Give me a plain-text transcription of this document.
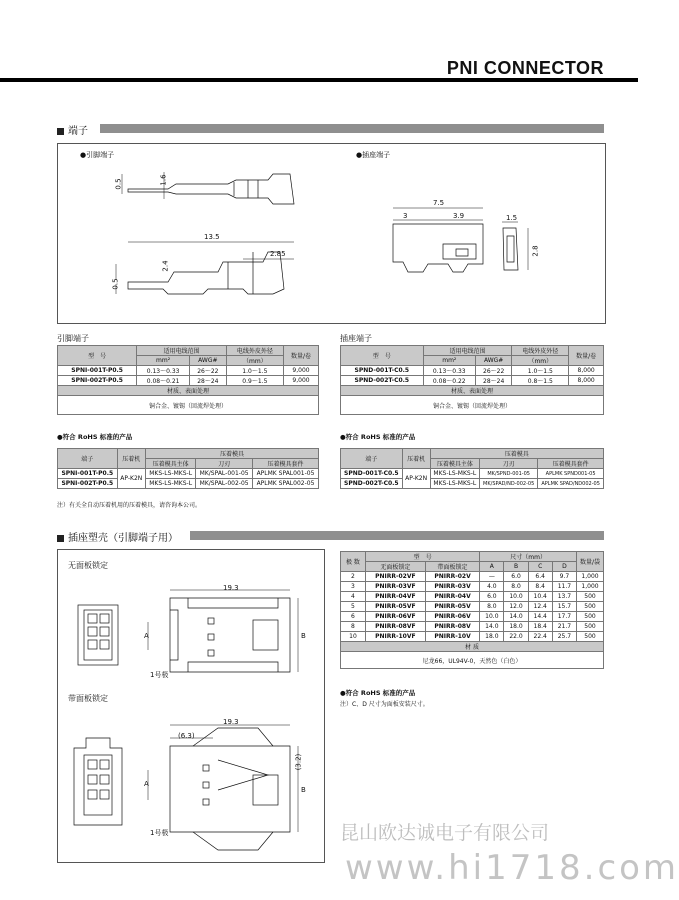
PNI CONNECTOR
端子
●引脚端子	●插座端子
0.5	1.6
13.5
2.4
0.5
2.85
7.5
3	3.9	1.5
2.8
引脚端子
型　号	适用电线范围		电线外皮外径	数量/卷
	mm²	AWG#	（mm）	
SPNI-001T-P0.5	0.13～0.33	26～22	1.0～1.5	9,000
SPNI-002T-P0.5	0.08～0.21	28～24	0.9～1.5	9,000
材质、表面处理				
铜合金、镀锡（回流焊处理）				
插座端子
型　号	适用电线范围		电线外皮外径	数量/卷
	mm²	AWG#	（mm）	
SPND-001T-C0.5	0.13～0.33	26～22	1.0～1.5	8,000
SPND-002T-C0.5	0.08～0.22	28～24	0.8～1.5	8,000
材质、表面处理				
铜合金、镀锡（回流焊处理）				
●符合 RoHS 标准的产品	●符合 RoHS 标准的产品
端子	压着机	压着模具		
		压着模具主体	刀刃	压着模具套件
SPNI-001T-P0.5	AP-K2N	MKS-LS-MKS-L	MK/SPAL-001-05	APLMK SPAL001-05
SPNI-002T-P0.5		MKS-LS-MKS-L	MK/SPAL-002-05	APLMK SPAL002-05
注）有关全自动压着机用的压着模具，请咨询本公司。
端子	压着机	压着模具		
		压着模具主体	刀刃	压着模具套件
SPND-001T-C0.5	AP-K2N	MKS-LS-MKS-L	MK/SPND-001-05	APLMK SPND001-05
SPND-002T-C0.5		MKS-LS-MKS-L	MK/SPAD/ND-002-05	APLMK SPAD/ND002-05
插座塑壳（引脚端子用）
无面板锁定
带面板锁定
19.3
19.3
(6.3)
(3.2)
A	B
A
B
1号极
1号极
极 数	型　号		尺寸（mm）				数量/袋
	无面板锁定	带面板锁定	A	B	C	D	
2	PNIRR-02VF	PNIRR-02V	—	6.0	6.4	9.7	1,000
3	PNIRR-03VF	PNIRR-03V	4.0	8.0	8.4	11.7	1,000
4	PNIRR-04VF	PNIRR-04V	6.0	10.0	10.4	13.7	500
5	PNIRR-05VF	PNIRR-05V	8.0	12.0	12.4	15.7	500
6	PNIRR-06VF	PNIRR-06V	10.0	14.0	14.4	17.7	500
8	PNIRR-08VF	PNIRR-08V	14.0	18.0	18.4	21.7	500
10	PNIRR-10VF	PNIRR-10V	18.0	22.0	22.4	25.7	500
材 质							
尼龙66，UL94V-0，天然色（白色）							
●符合 RoHS 标准的产品
注）C、D 尺寸为面板安装尺寸。
昆山欧达诚电子有限公司
www.hi1718.com
